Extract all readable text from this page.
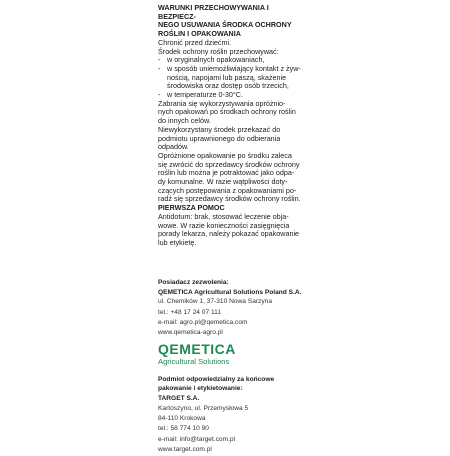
WARUNKI PRZECHOWYWANIA I BEZPIECZ-

NEGO USUWANIA ŚRODKA OCHRONY

ROŚLIN I OPAKOWANIA

Chronić przed dziećmi.

Środek ochrony roślin przechowywać:

- w oryginalnych opakowaniach,
- w sposób uniemożliwiający kontakt z żyw-

nością, napojami lub paszą, skażenie

środowiska oraz dostęp osób trzecich,

- w temperaturze 0-30°C.

Zabrania się wykorzystywania opróżnio-

nych opakowań po środkach ochrony roślin

do innych celów.

Niewykorzystany środek przekazać do

podmiotu uprawnionego do odbierania

odpadów.

Opróżnione opakowanie po środku zaleca

się zwrócić do sprzedawcy środków ochrony

roślin lub można je potraktować jako odpa-

dy komunalne. W razie wątpliwości doty-

czących postępowania z opakowaniami po-

radź się sprzedawcy środków ochrony roślin.

PIERWSZA POMOC

Antidotum: brak, stosować leczenie obja-

wowe. W razie konieczności zasięgnięcia

porady lekarza, należy pokazać opakowanie

lub etykietę.

Posiadacz zezwolenia:

QEMETICA Agricultural Solutions Poland S.A.

ul. Chemików 1, 37-310 Nowa Sarzyna

tel.: +48 17 24 07 111

e-mail: agro.pl@qemetica.com

www.qemetica-agro.pl

QEMETICA
Agricultural Solutions

Podmiot odpowiedzialny za końcowe

pakowanie i etykietowanie:

TARGET S.A.

Kartoszyno, ul. Przemysłowa 5

84-110 Krokowa

tel.: 58 774 10 90

e-mail: info@target.com.pl

www.target.com.pl
